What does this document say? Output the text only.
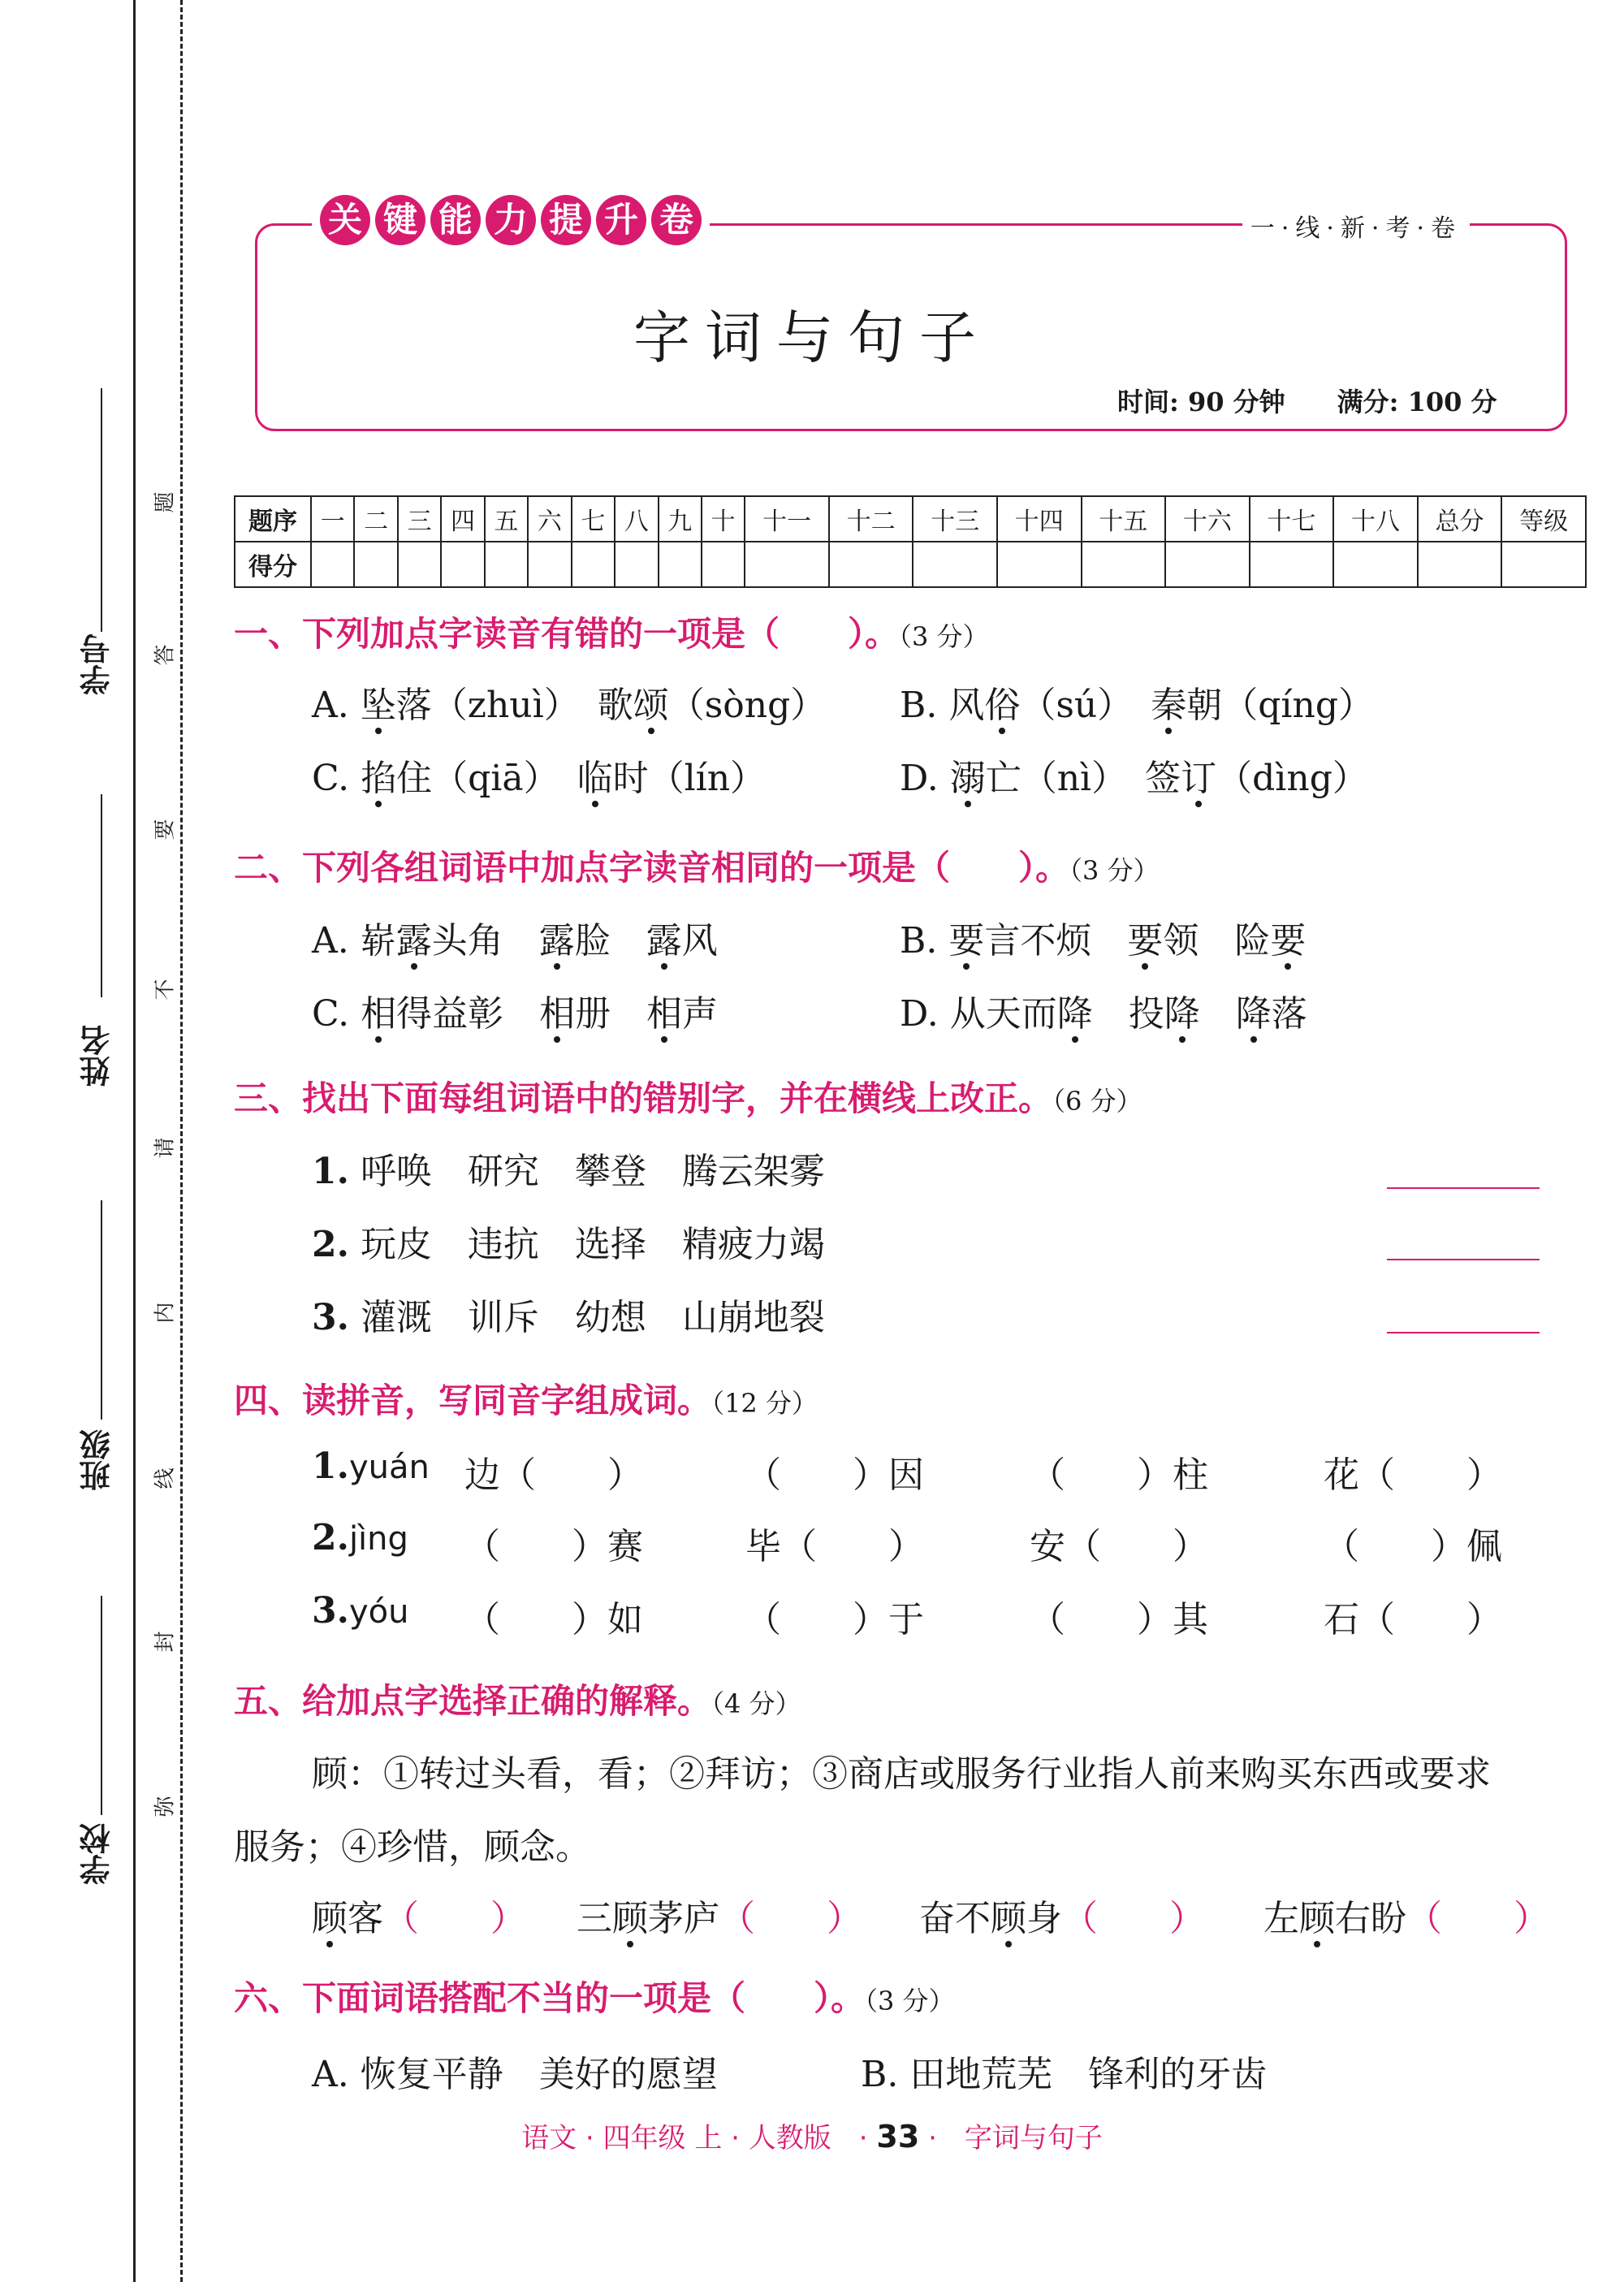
学号
姓名
班级
学校
题
答
要
不
请
内
线
封
弥
关 键 能 力 提 升 卷	一·线·新·考·卷
字词与句子
时间: 90 分钟　　满分: 100 分
题序	一	二	三	四	五	六	七	八	九	十	十一	十二	十三	十四	十五	十六	十七	十八	总分	等级
得分																				
一、下列加点字读音有错的一项是（　　）。（3 分）
A. 坠落（zhuì）　 歌颂（sòng） B. 风俗（sú）　 秦朝（qíng）
C. 掐住（qiā）　 临时（lín）	D. 溺亡（nì）　 签订（dìng）
二、下列各组词语中加点字读音相同的一项是（　　）。（3 分）
A. 崭露头角　 露脸　 露风	B. 要言不烦　 要领　 险要
C. 相得益彰　 相册　 相声	D. 从天而降　 投降　 降落
三、找出下面每组词语中的错别字，并在横线上改正。（6 分）
1. 呼唤　研究　攀登　腾云架雾
2. 玩皮　违抗　选择　精疲力竭
3. 灌溉　训斥　幼想　山崩地裂
四、读拼音，写同音字组成词。（12 分）
1.yuán 边（　　）	（　　）因	（　　）柱	花（　　）
2.jìng （　　）赛	毕（　　）	安（　　）	（　　）佩
3.yóu （　　）如	（　　）于	（　　）其	石（　　）
五、给加点字选择正确的解释。（4 分）
顾：①转过头看，看；②拜访；③商店或服务行业指人前来购买东西或要求
服务；④珍惜，顾念。
顾客（　　） 三顾茅庐（　　） 奋不顾身（　　） 左顾右盼（　　）
六、下面词语搭配不当的一项是（　　）。（3 分）
A. 恢复平静　美好的愿望	B. 田地荒芜　锋利的牙齿
语文 · 四年级 上 · 人教版　· 33 ·　字词与句子
